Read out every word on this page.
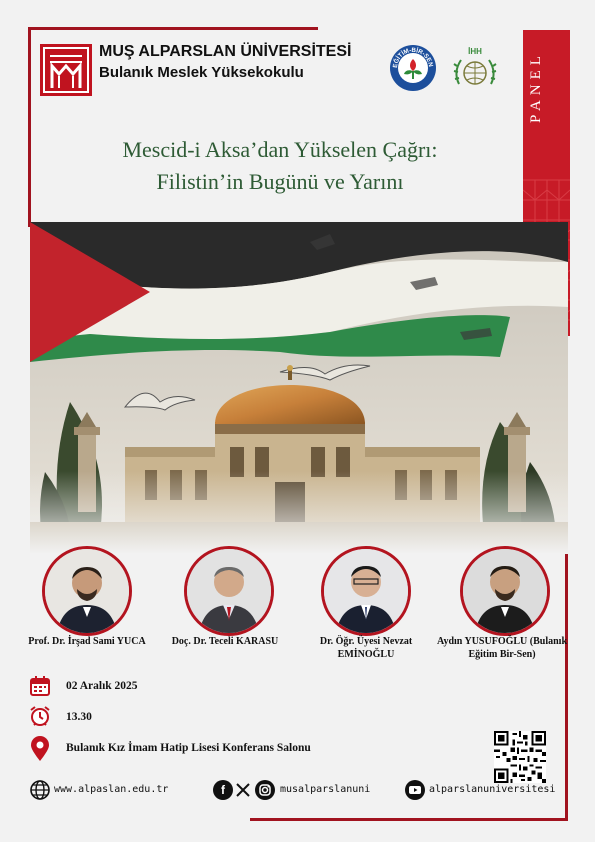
PANEL
MUŞ ALPARSLAN ÜNİVERSİTESİ
Bulanık Meslek Yüksekokulu	EĞİTİM-BİR-SEN
İHH
Mescid-i Aksa’dan Yükselen Çağrı:
Filistin’in Bugünü ve Yarını
Prof. Dr. İrşad Sami YUCA	Doç. Dr. Teceli KARASU	Dr. Öğr. Üyesi Nevzat EMİNOĞLU
Aydın YUSUFOĞLU (Bulanık Eğitim Bir-Sen)
02 Aralık 2025
13.30
Bulanık Kız İmam Hatip Lisesi Konferans Salonu
www.alpaslan.edu.tr	f	musalparslanuni	alparslanuniversitesi
